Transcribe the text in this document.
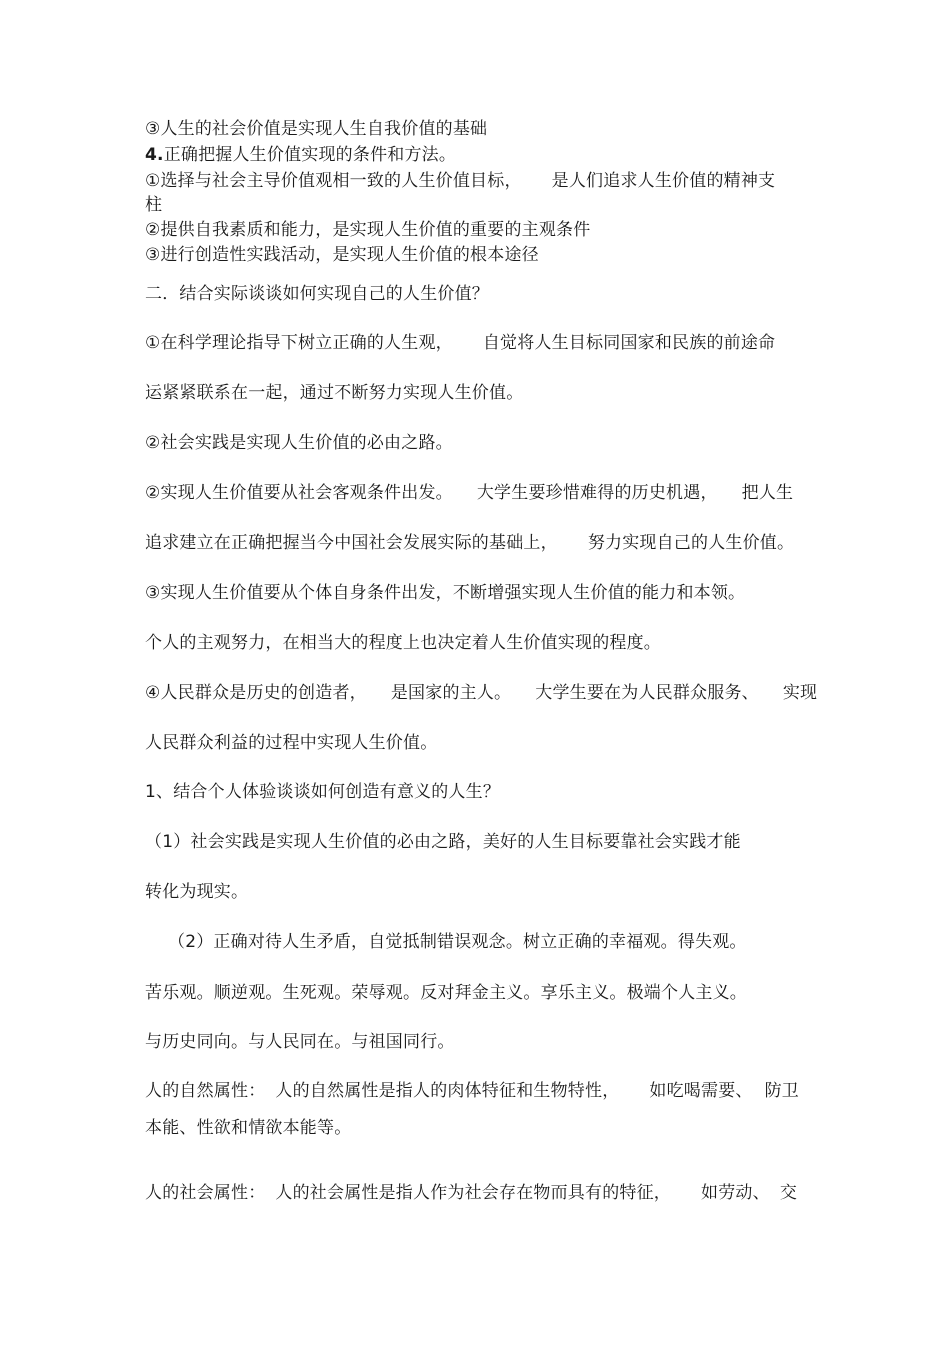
③人生的社会价值是实现人生自我价值的基础
4.正确把握人生价值实现的条件和方法。
①选择与社会主导价值观相一致的人生价值目标， 是人们追求人生价值的精神支
柱
②提供自我素质和能力，是实现人生价值的重要的主观条件
③进行创造性实践活动，是实现人生价值的根本途径
二．结合实际谈谈如何实现自己的人生价值？
①在科学理论指导下树立正确的人生观， 自觉将人生目标同国家和民族的前途命
运紧紧联系在一起，通过不断努力实现人生价值。
②社会实践是实现人生价值的必由之路。
②实现人生价值要从社会客观条件出发。 大学生要珍惜难得的历史机遇， 把人生
追求建立在正确把握当今中国社会发展实际的基础上， 努力实现自己的人生价值。
③实现人生价值要从个体自身条件出发，不断增强实现人生价值的能力和本领。
个人的主观努力，在相当大的程度上也决定着人生价值实现的程度。
④人民群众是历史的创造者， 是国家的主人。 大学生要在为人民群众服务、 实现
人民群众利益的过程中实现人生价值。
1、结合个人体验谈谈如何创造有意义的人生？
（1）社会实践是实现人生价值的必由之路，美好的人生目标要靠社会实践才能
转化为现实。
（2）正确对待人生矛盾，自觉抵制错误观念。树立正确的幸福观。得失观。
苦乐观。顺逆观。生死观。荣辱观。反对拜金主义。享乐主义。极端个人主义。
与历史同向。与人民同在。与祖国同行。
人的自然属性： 人的自然属性是指人的肉体特征和生物特性， 如吃喝需要、 防卫
本能、性欲和情欲本能等。
人的社会属性： 人的社会属性是指人作为社会存在物而具有的特征， 如劳动、 交
